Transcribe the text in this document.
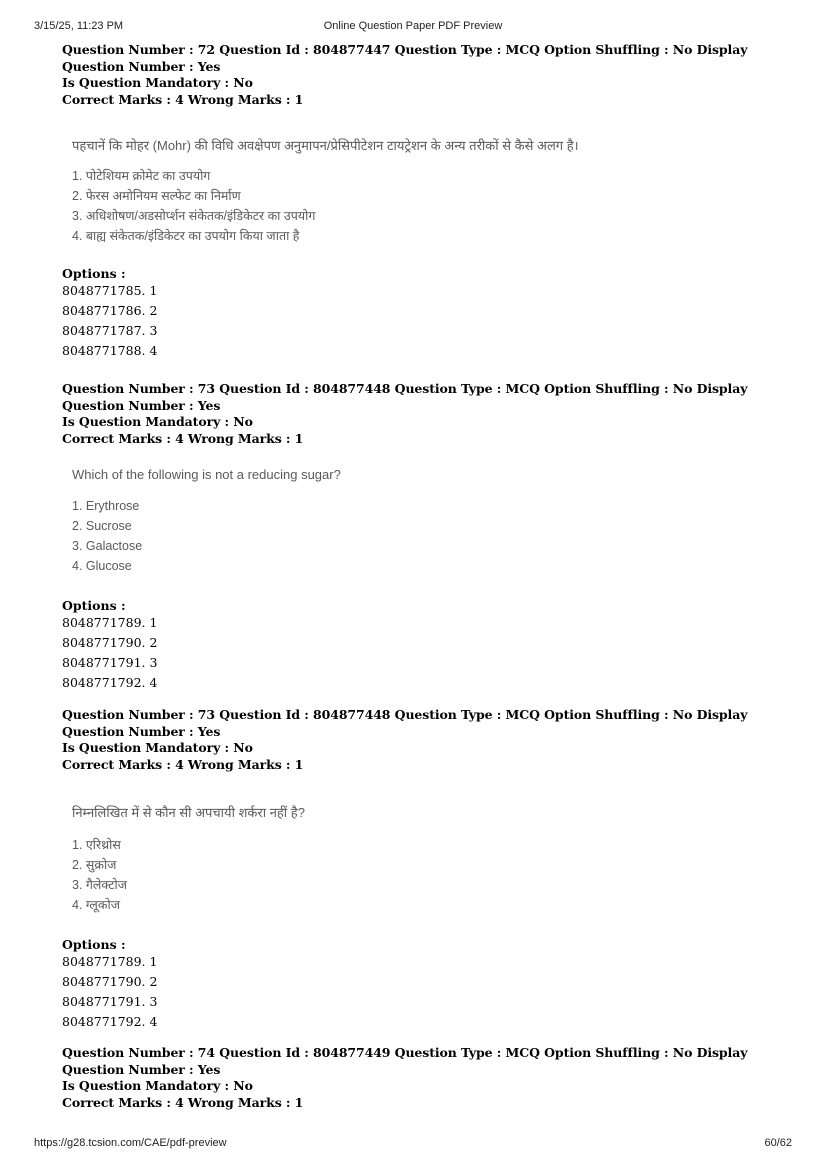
3/15/25, 11:23 PM	Online Question Paper PDF Preview
Question Number : 72 Question Id : 804877447 Question Type : MCQ Option Shuffling : No Display Question Number : Yes
Is Question Mandatory : No
Correct Marks : 4 Wrong Marks : 1
पहचानें कि मोहर (Mohr) की विधि अवक्षेपण अनुमापन/प्रेसिपीटेशन टायट्रेशन के अन्य तरीकों से कैसे अलग है।
1. पोटेशियम क्रोमेट का उपयोग
2. फेरस अमोनियम सल्फेट का निर्माण
3. अधिशोषण/अडसोर्प्शन संकेतक/इंडिकेटर का उपयोग
4. बाह्य संकेतक/इंडिकेटर का उपयोग किया जाता है
Options :
8048771785. 1
8048771786. 2
8048771787. 3
8048771788. 4
Question Number : 73 Question Id : 804877448 Question Type : MCQ Option Shuffling : No Display Question Number : Yes
Is Question Mandatory : No
Correct Marks : 4 Wrong Marks : 1
Which of the following is not a reducing sugar?
1. Erythrose
2. Sucrose
3. Galactose
4. Glucose
Options :
8048771789. 1
8048771790. 2
8048771791. 3
8048771792. 4
Question Number : 73 Question Id : 804877448 Question Type : MCQ Option Shuffling : No Display Question Number : Yes
Is Question Mandatory : No
Correct Marks : 4 Wrong Marks : 1
निम्नलिखित में से कौन सी अपचायी शर्करा नहीं है?
1. एरिथ्रोस
2. सुक्रोज
3. गैलेक्टोज
4. ग्लूकोज
Options :
8048771789. 1
8048771790. 2
8048771791. 3
8048771792. 4
Question Number : 74 Question Id : 804877449 Question Type : MCQ Option Shuffling : No Display Question Number : Yes
Is Question Mandatory : No
Correct Marks : 4 Wrong Marks : 1
https://g28.tcsion.com/CAE/pdf-preview	60/62
